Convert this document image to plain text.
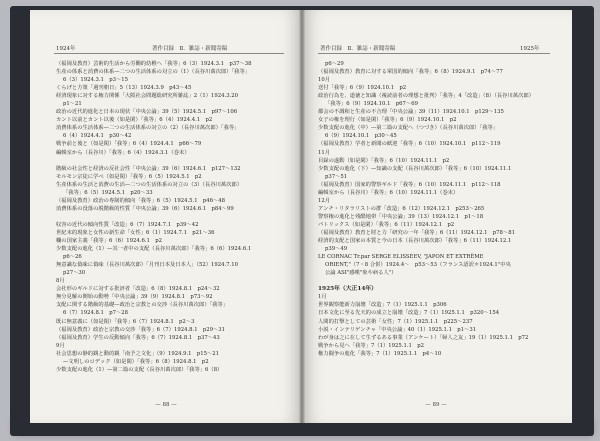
1924年	著作目録　Ⅱ．雑誌・新聞寄稿
（福岡及教育）芸術的生活から労働的幼稚へ「我等」6（3）1924.3.1　p37～38
生産の体系と消費の体系—二つの生活体系の対立の（1）（長谷川萬次郎）「我等」
6（3）1924.3.1　p3～15
くらげと方策「週刊朝日」5（13）1924.3.9　p43～45
経済現象に対する権力関係「大阪社会問題総研究所雑誌」2（1）1924.3.20
p1～21
政治の近代的進化と日本の現状「中央公論」39（5）1924.5.1　p97～106
カント以前とカント以後（如是閑）「我等」6（4）1924.4.1　p2
消費体系の生活体系—二つの生活体系の対立の（2）（長谷川萬次郎）「我等」
6（4）1924.4.1　p30～42
戦争前と後と（如是閑）「我等」6（4）1924.4.1　p66～79
編輯室から（長谷川）「我等」6（4）1924.3.1（巻末）
階級の社会性と経済の反社会性「中央公論」39（6）1924.6.1　p127～132
モルモン宗徒に学べ（如是閑）「我等」6（5）1924.5.1　p2
生産体系の生活と消費の生活—二つの生活体系の対立の（3）（長谷川萬次郎）
「我等」6（5）1924.5.1　p20～33
（福岡及教育）政治の専制的傾向「我等」6（5）1924.5.1　p46～48
消費体系の没落の脱階級的性質「中央公論」39（6）1924.6.1　p84～99
収容の近代の傾向性質「改造」6（7）1924.7.1　p39～42
世紀末的現象と女性の新生命「女性」6（1）1924.7.1　p21～36
欄の国家主義「我等」6（6）1924.6.1　p2
少数支配の進化（1）—其一者中の支配（長谷川萬次郎）「我等」6（6）1924.6.1
p6～26
無意識な偽味に偽味（長谷川萬次郎）「月刊日本及日本人」（52）1924.7.10
p27～30
8月
会社形のギルドに対する批評者「改造」6（8）1924.8.1　p24～32
無分見解の開始の動勢「中央公論」39（9）1924.8.1　p73～92
支配に関する階級的基礎—政治と宗教との交渉（長谷川萬次郎）「我等」
6（7）1924.8.1　p7～28
既に無意義に（如是閑）「我等」6（7）1924.8.1　p2～3
（福岡及教育）政治と宗教の交渉「我等」6（7）1924.8.1　p29～31
（福岡及教育）学生の反動傾向「我等」6（7）1924.8.1　p37～43
9月
社会思想の静的観と動的観「南予之文化」（9）1924.9.1　p15～21
—文明しのロデック（如是閑）「我等」6（8）1924.8.1　p2
少数支配の進化（1）—第二篇の支配（長谷川萬次郎）「我等」6（8）
— 88 —
著作目録　Ⅱ．雑誌・新聞寄稿	1925年
p6～29
（福岡及教育）教育に対する軍国的傾向「我等」6（8）1924.9.1　p74～77
10月
送付「我等」6（9）1924.10.1　p2
政治行為を、道徳と知識（複読前者の理想と批判）「我等」4「改造」（8）（長谷川萬次郎）
「我等」6（9）1924.10.1　p67～69
都会の不調和と生産の不合理「中央公論」39（11）1924.10.1　p129～135
女子の権を理行（如是閑）「我等」6（9）1924.10.1　p2
少数支配の進化（中）—第二篇の支配へ（つづき）（長谷川萬次郎）「我等」
6（9）1924.10.1　p30～45
（福岡及教育）学者と新聞の歓迎「我等」6（10）1924.10.1　p112～119
11月
目録の遂動（如是閑）「我等」6（10）1924.11.1　p2
少数支配の進化（下）—知識の支配（長谷川萬次郎）「我等」6（10）1924.11.1
p37～51
（福岡及教育）国家的警察ギルド「我等」6（10）1924.11.1　p112～118
編輯室から（長谷川）「我等」6（10）1924.11.1（巻末）
12月
アンチ・リタラリストの群「改造」6（12）1924.12.1　p253～265
警察権の進化と残酷地帯「中央公論」39（13）1924.12.1　p1～18
パトリックス（如是閑）「我等」6（11）1924.12.1　p2
（福岡及教育）教育と財と力「研究の一年「我等」6（11）1924.12.1　p78～81
経済的支配と国家の本質と今の日本（長谷川萬次郎）「我等」6（11）1924.12.1
p39～49
LE CORNAC Tr.par SERGE ELISSÉEV, "JAPON ET EXTRÊME
ORIENT,"（7・8 合併）1924.4～　p53～53（フランス語訳＊1924.1"中央
公論 ASI"感嘆"象や病る人"）
1925年（大正14年）
1月
世界観察能新力崩壊「改造」7（1）1925.1.1　p306
日本文化に至る先天的の成立と崩壊「改造」7（1）1925.1.1　p320～154
人間的打撃としての芸術「女性」7（1）1925.1.1　p225～237
小説・インテリゲンチャ「中央公論」40（1）1925.1.1　p1～31
わが身は之に在して生ずるある事業（アンケート）「婦人之友」19（1）1925.1.1　p72
戦争から見へ「我等」7（1）1925.1.1　p2
権力闘争の進化「我等」7（1）1925.1.1　p4～10
— 89 —
